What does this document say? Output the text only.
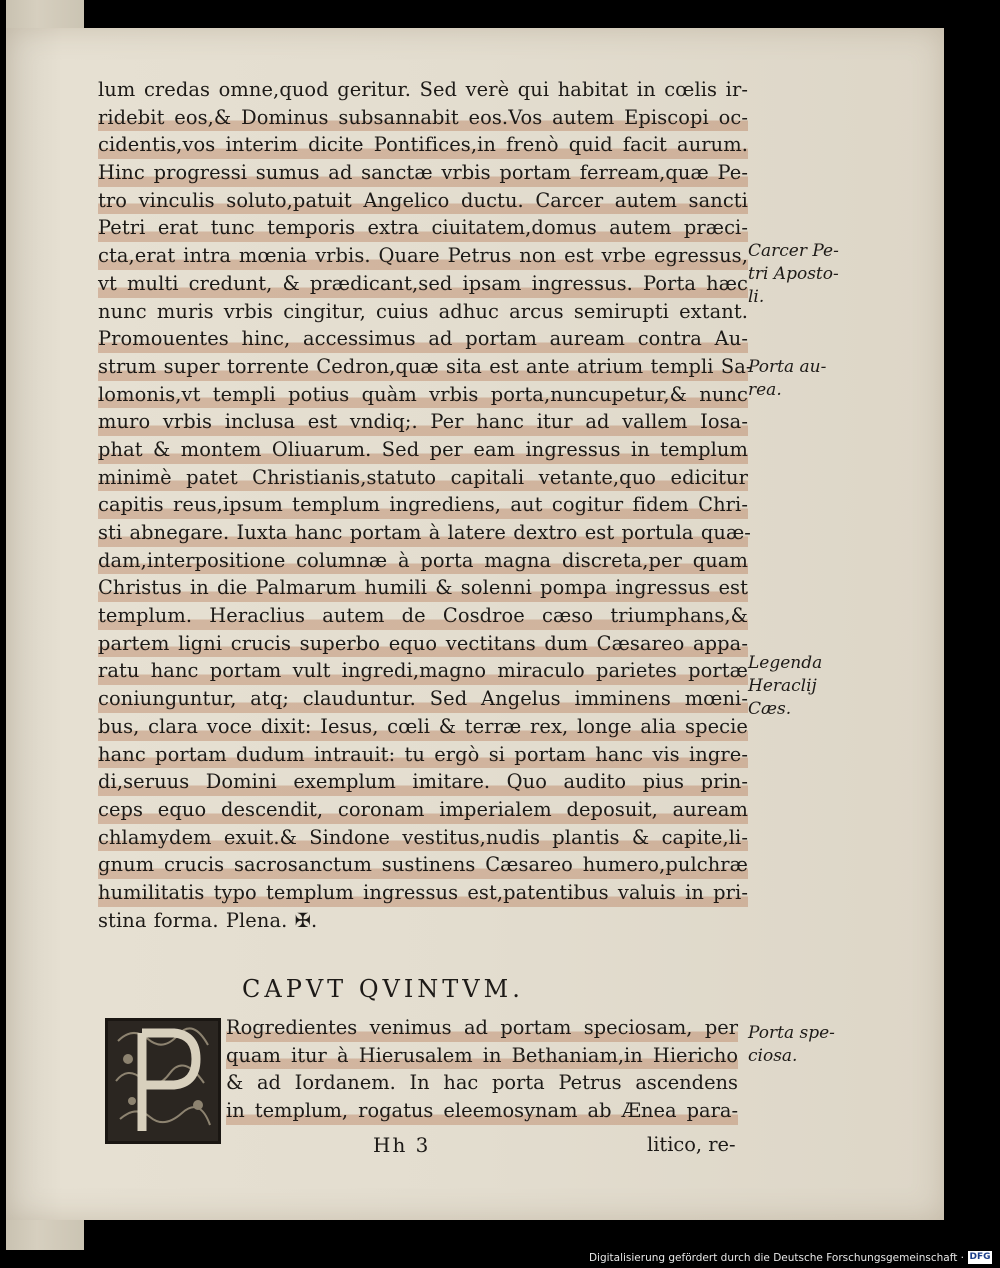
lum credas omne,quod geritur. Sed verè qui habitat in cœlis ir-
ridebit eos,& Dominus subsannabit eos.Vos autem Episcopi oc-
cidentis,vos interim dicite Pontifices,in frenò quid facit aurum.
Hinc progressi sumus ad sanctæ vrbis portam ferream,quæ Pe-
tro vinculis soluto,patuit Angelico ductu. Carcer autem sancti
Petri erat tunc temporis extra ciuitatem,domus autem præci-
cta,erat intra mœnia vrbis. Quare Petrus non est vrbe egressus,
vt multi credunt, & prædicant,sed ipsam ingressus. Porta hæc
nunc muris vrbis cingitur, cuius adhuc arcus semirupti extant.
Promouentes hinc, accessimus ad portam auream contra Au-
strum super torrente Cedron,quæ sita est ante atrium templi Sa-
lomonis,vt templi potius quàm vrbis porta,nuncupetur,& nunc
muro vrbis inclusa est vndiq;. Per hanc itur ad vallem Iosa-
phat & montem Oliuarum. Sed per eam ingressus in templum
minimè patet Christianis,statuto capitali vetante,quo edicitur
capitis reus,ipsum templum ingrediens, aut cogitur fidem Chri-
sti abnegare. Iuxta hanc portam à latere dextro est portula quæ-
dam,interpositione columnæ à porta magna discreta,per quam
Christus in die Palmarum humili & solenni pompa ingressus est
templum. Heraclius autem de Cosdroe cæso triumphans,&
partem ligni crucis superbo equo vectitans dum Cæsareo appa-
ratu hanc portam vult ingredi,magno miraculo parietes portæ
coniunguntur, atq; clauduntur. Sed Angelus imminens mœni-
bus, clara voce dixit: Iesus, cœli & terræ rex, longe alia specie
hanc portam dudum intrauit: tu ergò si portam hanc vis ingre-
di,seruus Domini exemplum imitare. Quo audito pius prin-
ceps equo descendit, coronam imperialem deposuit, auream
chlamydem exuit.& Sindone vestitus,nudis plantis & capite,li-
gnum crucis sacrosanctum sustinens Cæsareo humero,pulchræ
humilitatis typo templum ingressus est,patentibus valuis in pri-
stina forma. Plena. ✠.
Carcer Pe-
tri Aposto-
li.
Porta au-
rea.
Legenda
Heraclij
Cæs.
Porta spe-
ciosa.
CAPVT QVINTVM.
P	Rogredientes venimus ad portam speciosam, per
quam itur à Hierusalem in Bethaniam,in Hiericho
& ad Iordanem. In hac porta Petrus ascendens
in templum, rogatus eleemosynam ab Ænea para-
Hh 3	litico, re-
Digitalisierung gefördert durch die Deutsche Forschungsgemeinschaft · DFG
